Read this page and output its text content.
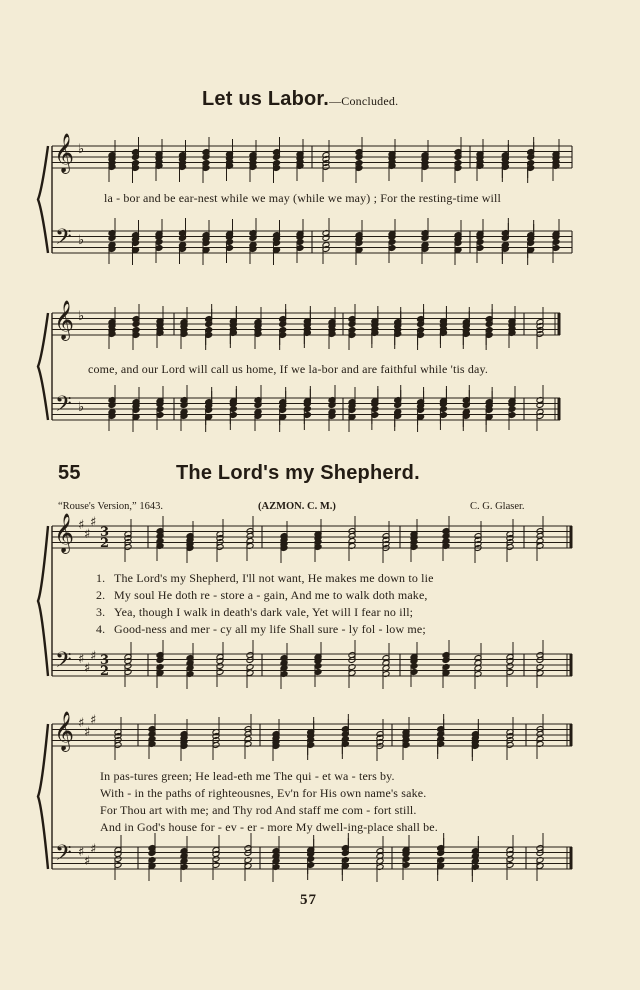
Let us Labor.—Concluded.
𝄞
𝄢
♭
♭
𝄞
𝄢
♭
♭
𝄞
𝄢
♯
♯
♯
♯
♯
♯
3
3
2
2
𝄞
𝄢
♯
♯
♯
♯
♯
♯
la - bor and be ear-nest while we may (while we may) ; For the resting-time will
come, and our Lord will call us home, If we la-bor and are faithful while 'tis day.
55	The Lord's my Shepherd.
“Rouse's Version,” 1643.	(AZMON. C. M.)	C. G. Glaser.
1. The Lord's my Shepherd, I'll not want, He makes me down to lie
2. My soul He doth re - store a - gain, And me to walk doth make,
3. Yea, though I walk in death's dark vale, Yet will I fear no ill;
4. Good-ness and mer - cy all my life Shall sure - ly fol - low me;
In pas-tures green; He lead-eth me The qui - et wa - ters by.
With - in the paths of righteousnes, Ev'n for His own name's sake.
For Thou art with me; and Thy rod And staff me com - fort still.
And in God's house for - ev - er - more My dwell-ing-place shall be.
57
